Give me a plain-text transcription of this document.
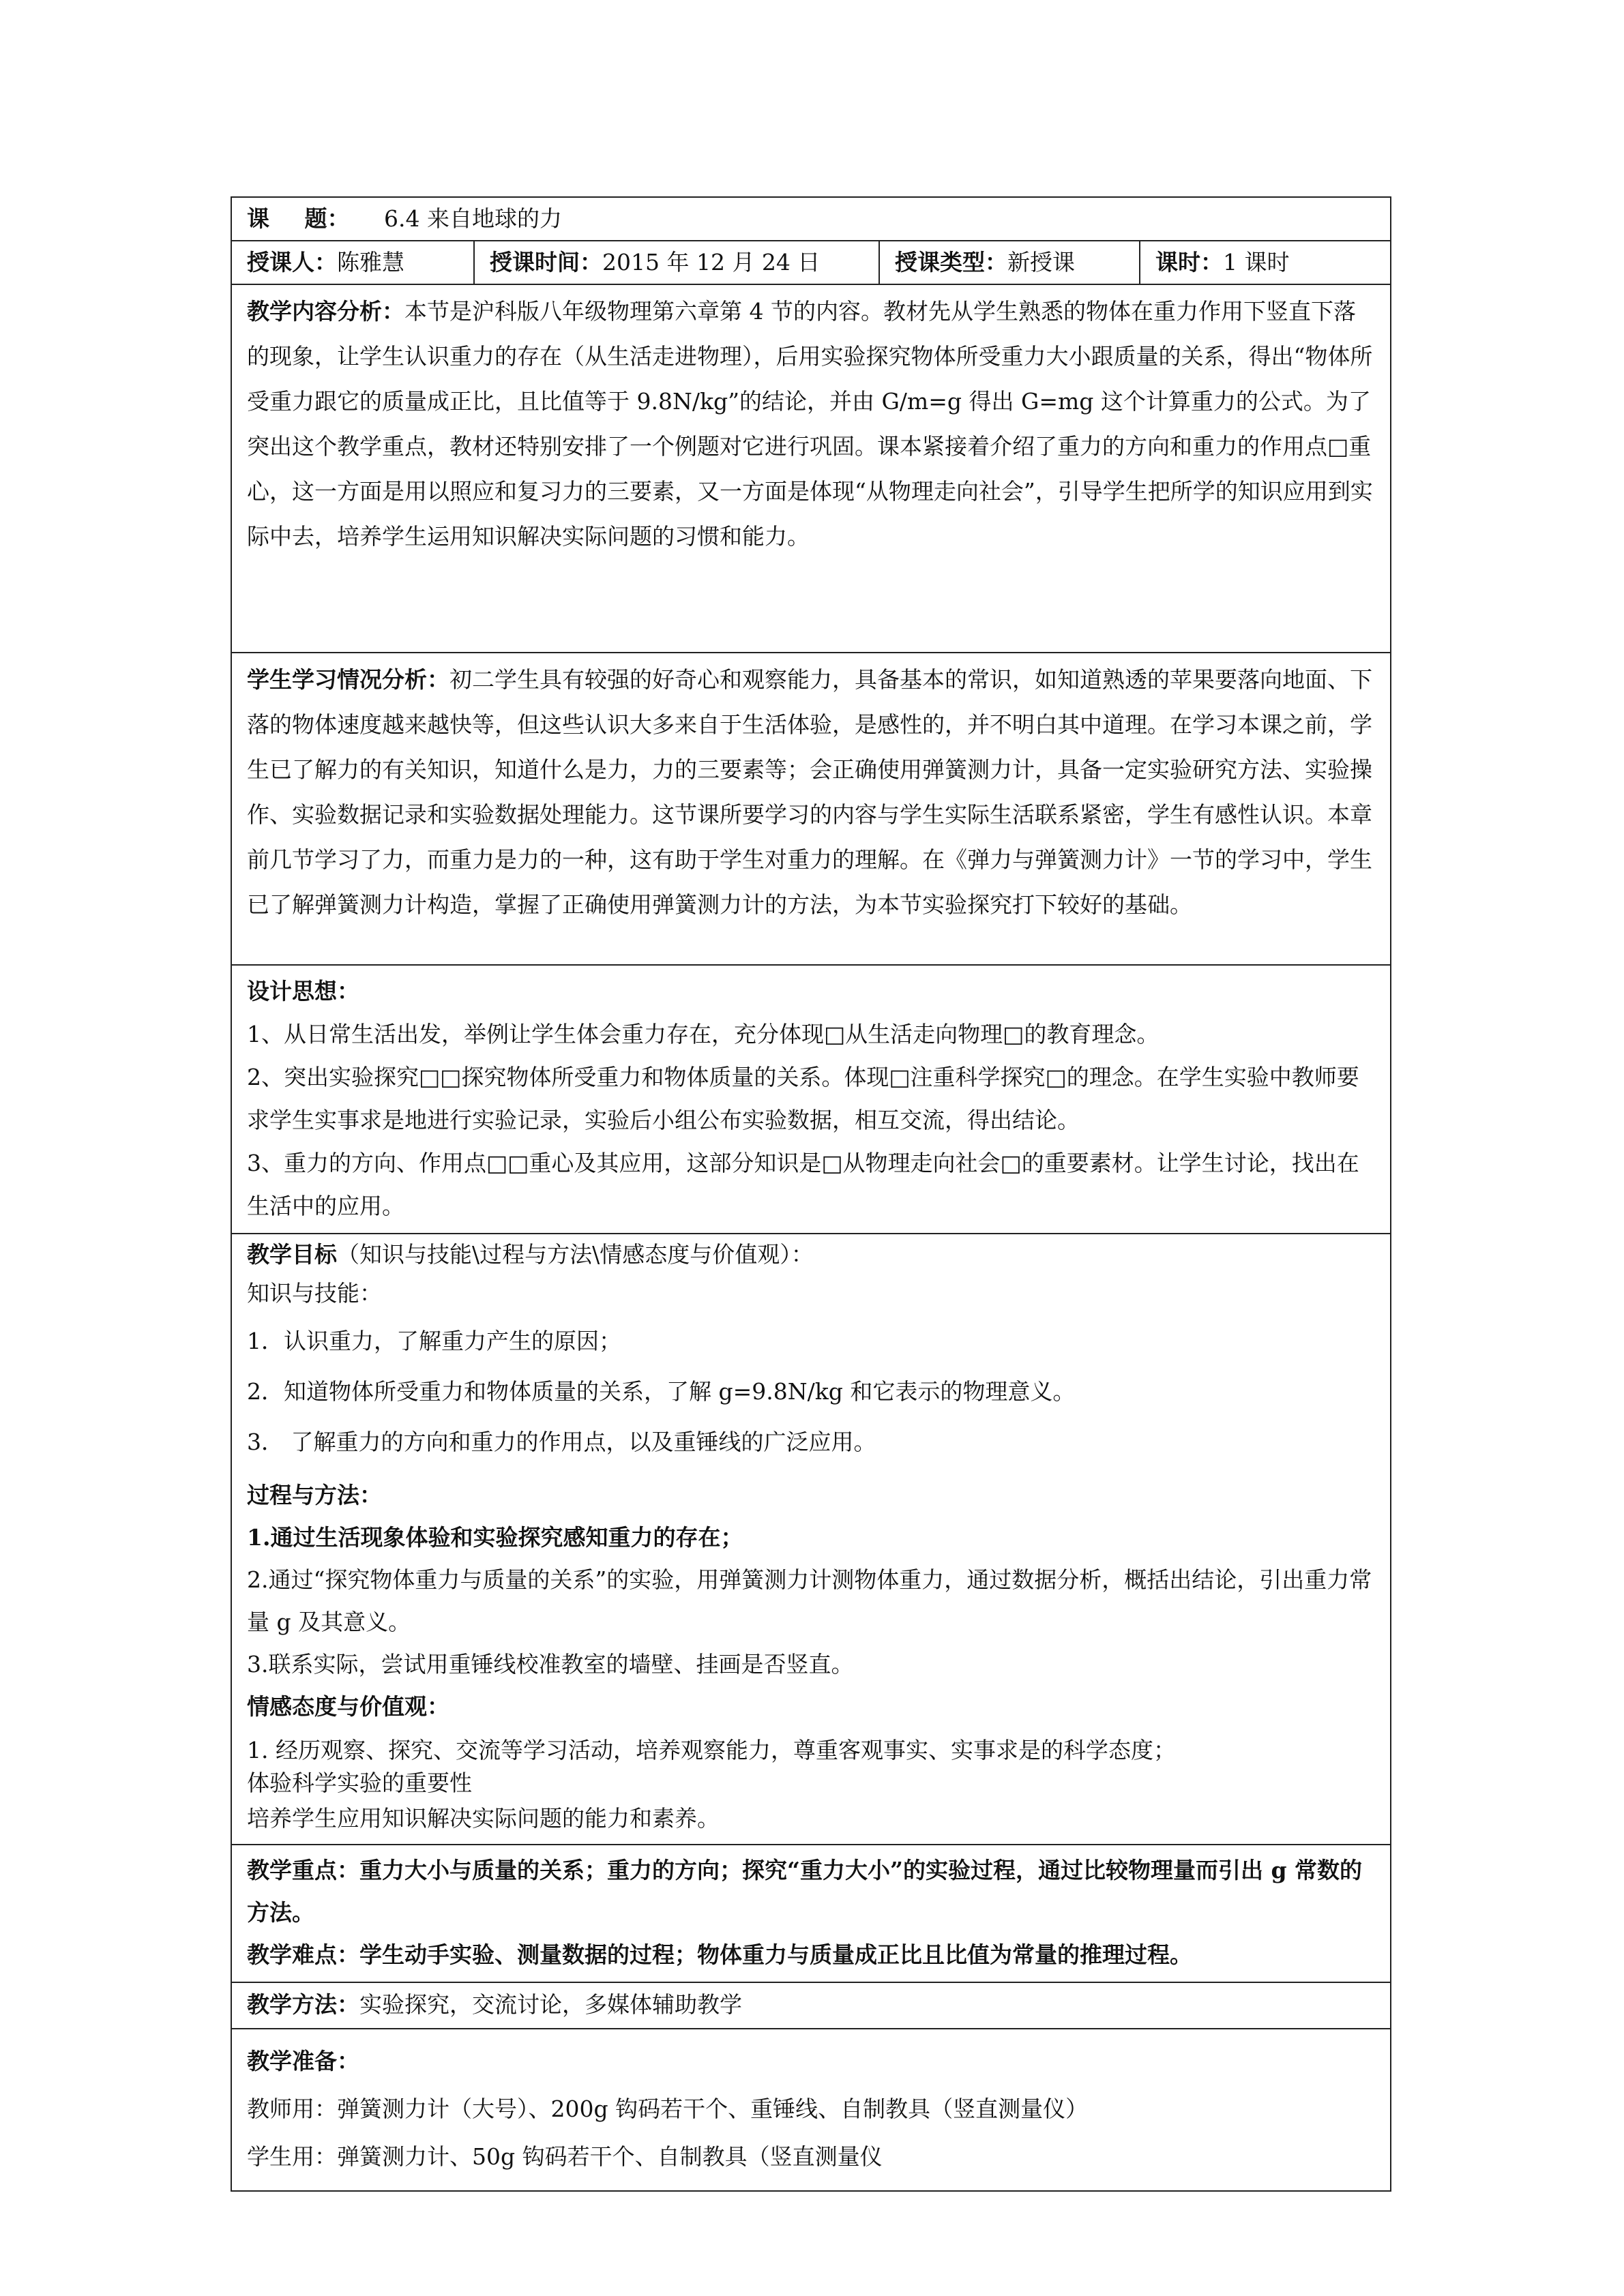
课 题： 6.4 来自地球的力
授课人：陈雅慧	授课时间：2015 年 12 月 24 日	授课类型：新授课	课时：1 课时

教学内容分析：本节是沪科版八年级物理第六章第 4 节的内容。教材先从学生熟悉的物体在重力作用下竖直下落的现象，让学生认识重力的存在（从生活走进物理），后用实验探究物体所受重力大小跟质量的关系，得出“物体所受重力跟它的质量成正比，且比值等于 9.8N/kg”的结论，并由 G/m=g 得出 G=mg 这个计算重力的公式。为了突出这个教学重点，教材还特别安排了一个例题对它进行巩固。课本紧接着介绍了重力的方向和重力的作用点□重心，这一方面是用以照应和复习力的三要素，又一方面是体现“从物理走向社会”，引导学生把所学的知识应用到实际中去，培养学生运用知识解决实际问题的习惯和能力。

学生学习情况分析：初二学生具有较强的好奇心和观察能力，具备基本的常识，如知道熟透的苹果要落向地面、下落的物体速度越来越快等，但这些认识大多来自于生活体验，是感性的，并不明白其中道理。在学习本课之前，学生已了解力的有关知识，知道什么是力，力的三要素等；会正确使用弹簧测力计，具备一定实验研究方法、实验操作、实验数据记录和实验数据处理能力。这节课所要学习的内容与学生实际生活联系紧密，学生有感性认识。本章前几节学习了力，而重力是力的一种，这有助于学生对重力的理解。在《弹力与弹簧测力计》一节的学习中，学生已了解弹簧测力计构造，掌握了正确使用弹簧测力计的方法，为本节实验探究打下较好的基础。

设计思想：

1、从日常生活出发，举例让学生体会重力存在，充分体现□从生活走向物理□的教育理念。

2、突出实验探究□□探究物体所受重力和物体质量的关系。体现□注重科学探究□的理念。在学生实验中教师要求学生实事求是地进行实验记录，实验后小组公布实验数据，相互交流，得出结论。

3、重力的方向、作用点□□重心及其应用，这部分知识是□从物理走向社会□的重要素材。让学生讨论，找出在生活中的应用。

教学目标（知识与技能\过程与方法\情感态度与价值观）：

知识与技能：

1．认识重力，了解重力产生的原因；

2．知道物体所受重力和物体质量的关系，了解 g=9.8N/kg 和它表示的物理意义。

3． 了解重力的方向和重力的作用点，以及重锤线的广泛应用。

过程与方法：

1.通过生活现象体验和实验探究感知重力的存在；

2.通过“探究物体重力与质量的关系”的实验，用弹簧测力计测物体重力，通过数据分析，概括出结论，引出重力常量 g 及其意义。

3.联系实际，尝试用重锤线校准教室的墙壁、挂画是否竖直。

情感态度与价值观：

1. 经历观察、探究、交流等学习活动，培养观察能力，尊重客观事实、实事求是的科学态度；

体验科学实验的重要性

培养学生应用知识解决实际问题的能力和素养。

教学重点：重力大小与质量的关系；重力的方向；探究“重力大小”的实验过程，通过比较物理量而引出 g 常数的方法。

教学难点：学生动手实验、测量数据的过程；物体重力与质量成正比且比值为常量的推理过程。

教学方法：实验探究，交流讨论，多媒体辅助教学

教学准备：

教师用：弹簧测力计（大号）、200g 钩码若干个、重锤线、自制教具（竖直测量仪）

学生用：弹簧测力计、50g 钩码若干个、自制教具（竖直测量仪
